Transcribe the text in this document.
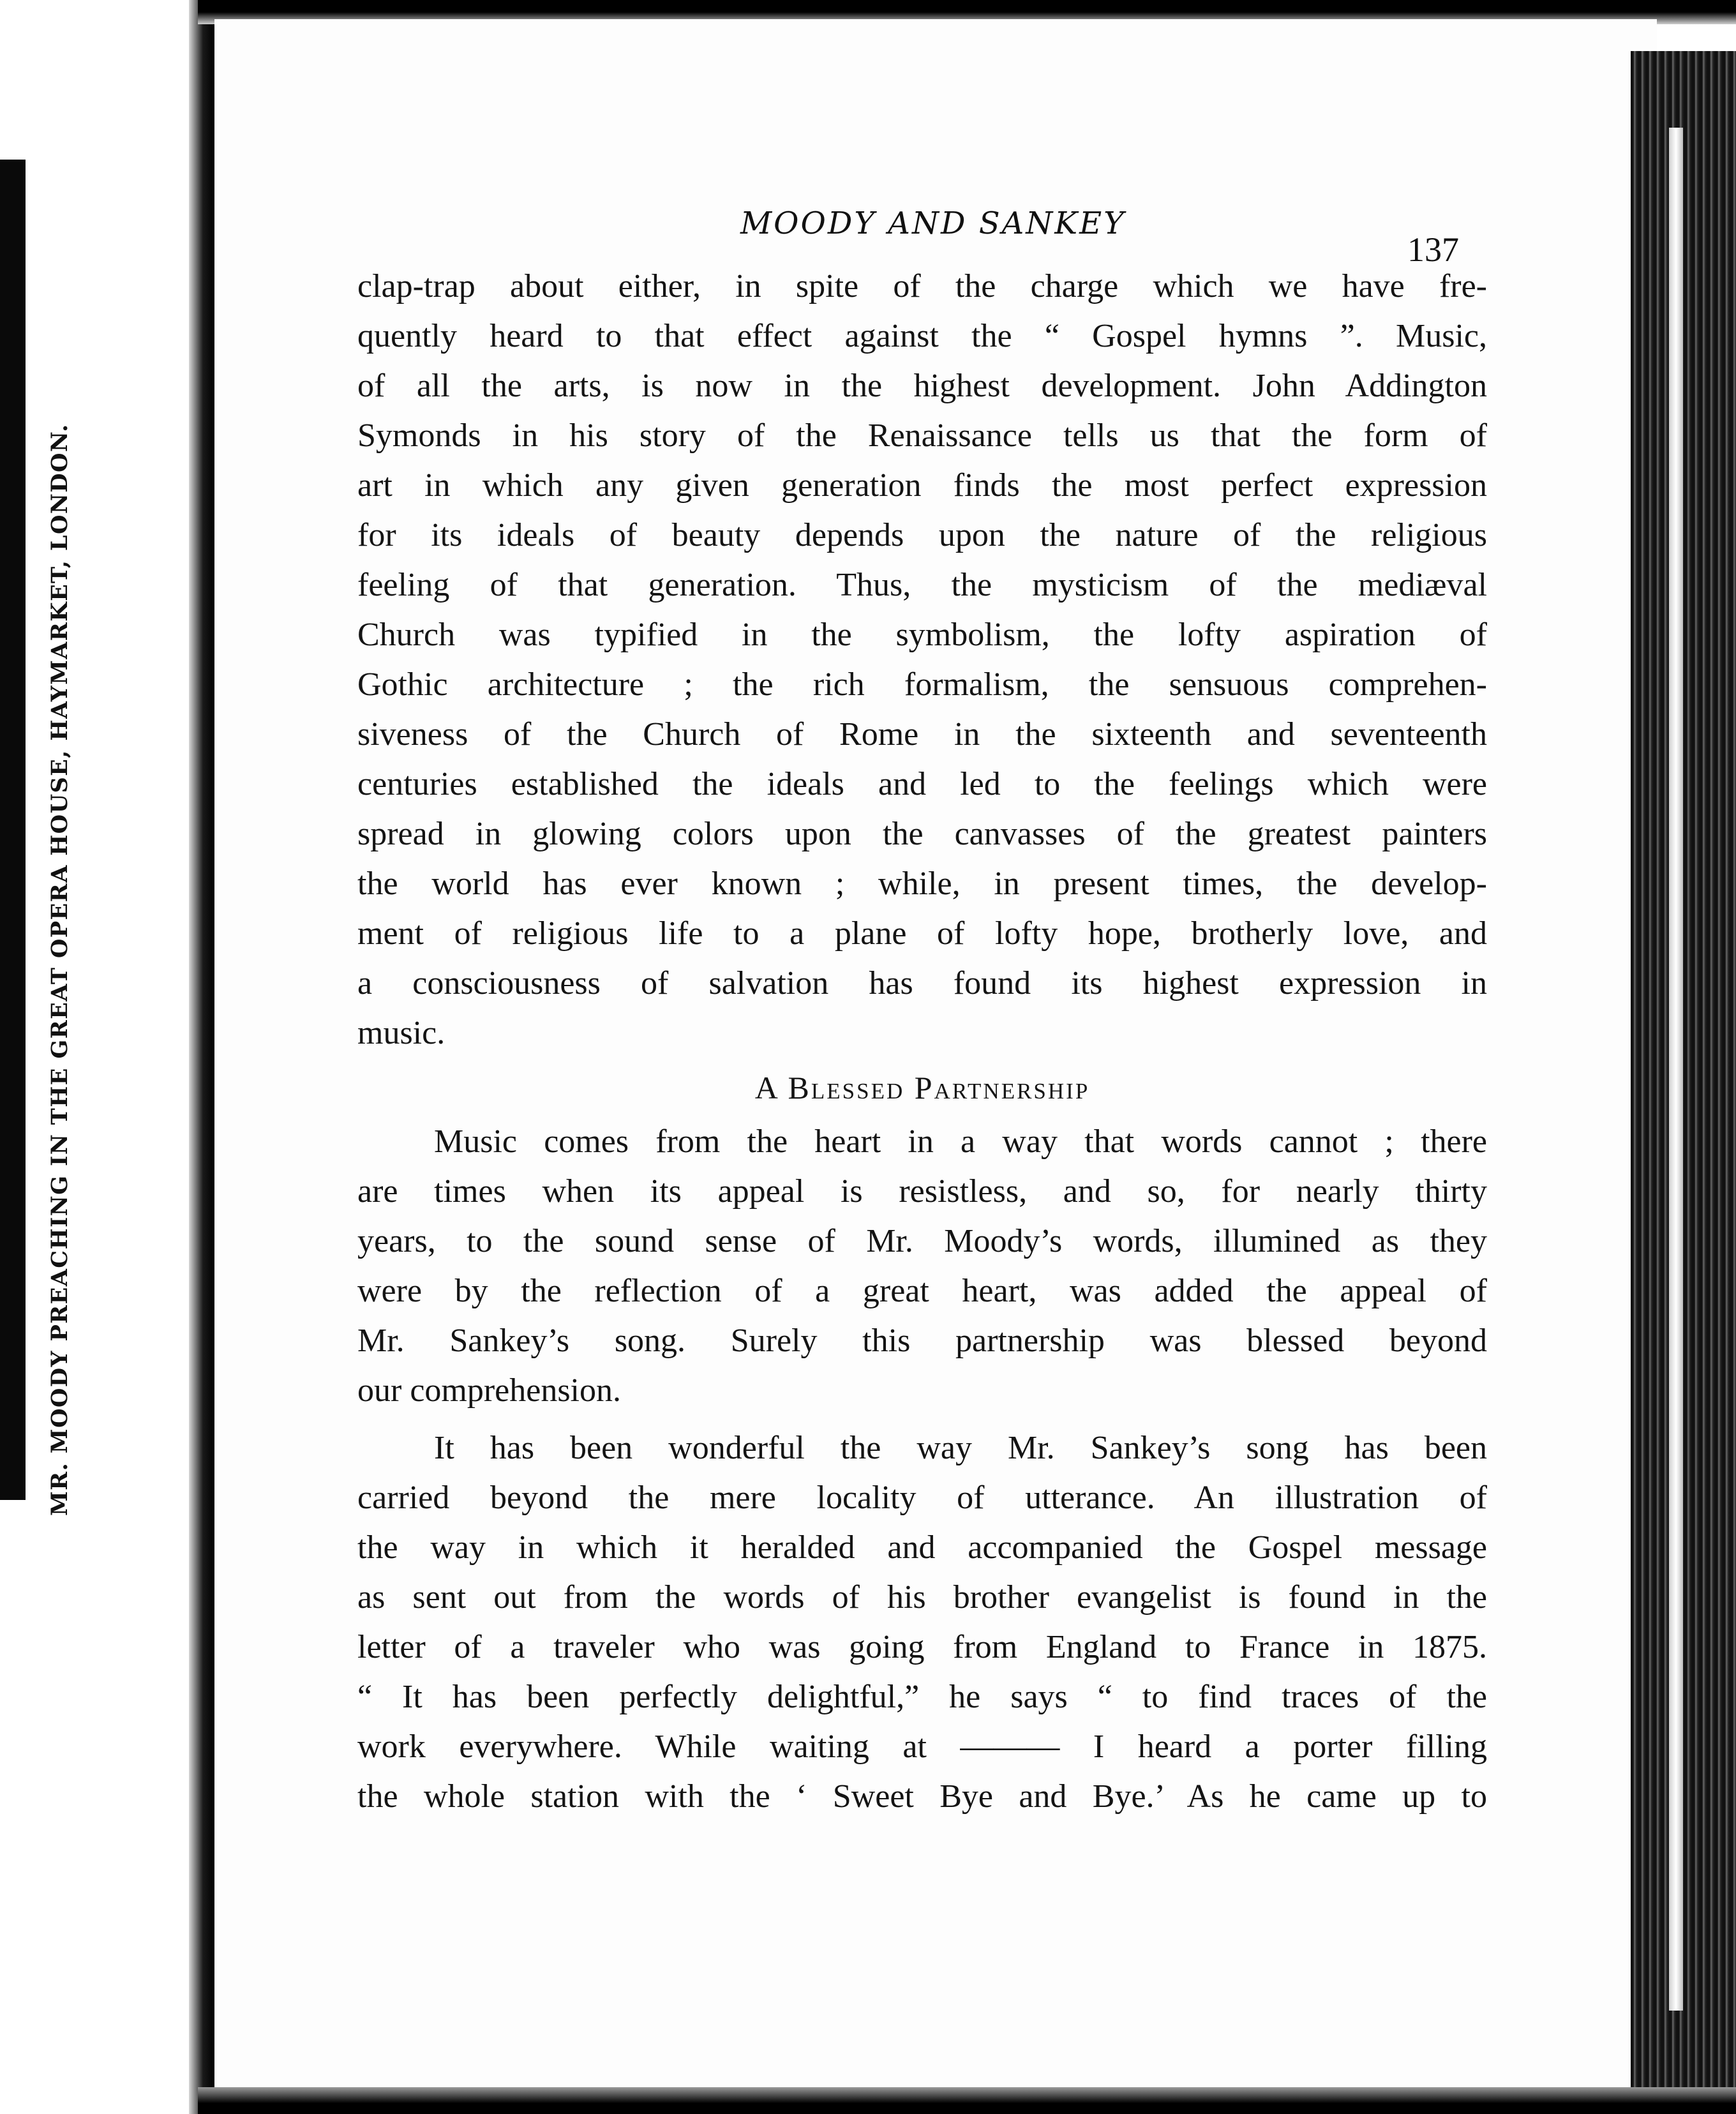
MR. MOODY PREACHING IN THE GREAT OPERA HOUSE, HAYMARKET, LONDON.
MOODY AND SANKEY
137
clap-trap about either, in spite of the charge which we have fre-
quently heard to that effect against the “ Gospel hymns ”. Music,
of all the arts, is now in the highest development. John Addington
Symonds in his story of the Renaissance tells us that the form of
art in which any given generation finds the most perfect expression
for its ideals of beauty depends upon the nature of the religious
feeling of that generation. Thus, the mysticism of the mediæval
Church was typified in the symbolism, the lofty aspiration of
Gothic architecture ; the rich formalism, the sensuous comprehen-
siveness of the Church of Rome in the sixteenth and seventeenth
centuries established the ideals and led to the feelings which were
spread in glowing colors upon the canvasses of the greatest painters
the world has ever known ; while, in present times, the develop-
ment of religious life to a plane of lofty hope, brotherly love, and
a consciousness of salvation has found its highest expression in
music.
A Blessed Partnership
Music comes from the heart in a way that words cannot ; there
are times when its appeal is resistless, and so, for nearly thirty
years, to the sound sense of Mr. Moody’s words, illumined as they
were by the reflection of a great heart, was added the appeal of
Mr. Sankey’s song. Surely this partnership was blessed beyond
our comprehension.
It has been wonderful the way Mr. Sankey’s song has been
carried beyond the mere locality of utterance. An illustration of
the way in which it heralded and accompanied the Gospel message
as sent out from the words of his brother evangelist is found in the
letter of a traveler who was going from England to France in 1875.
“ It has been perfectly delightful,” he says “ to find traces of the
work everywhere. While waiting at ——— I heard a porter filling
the whole station with the ‘ Sweet Bye and Bye.’ As he came up to
